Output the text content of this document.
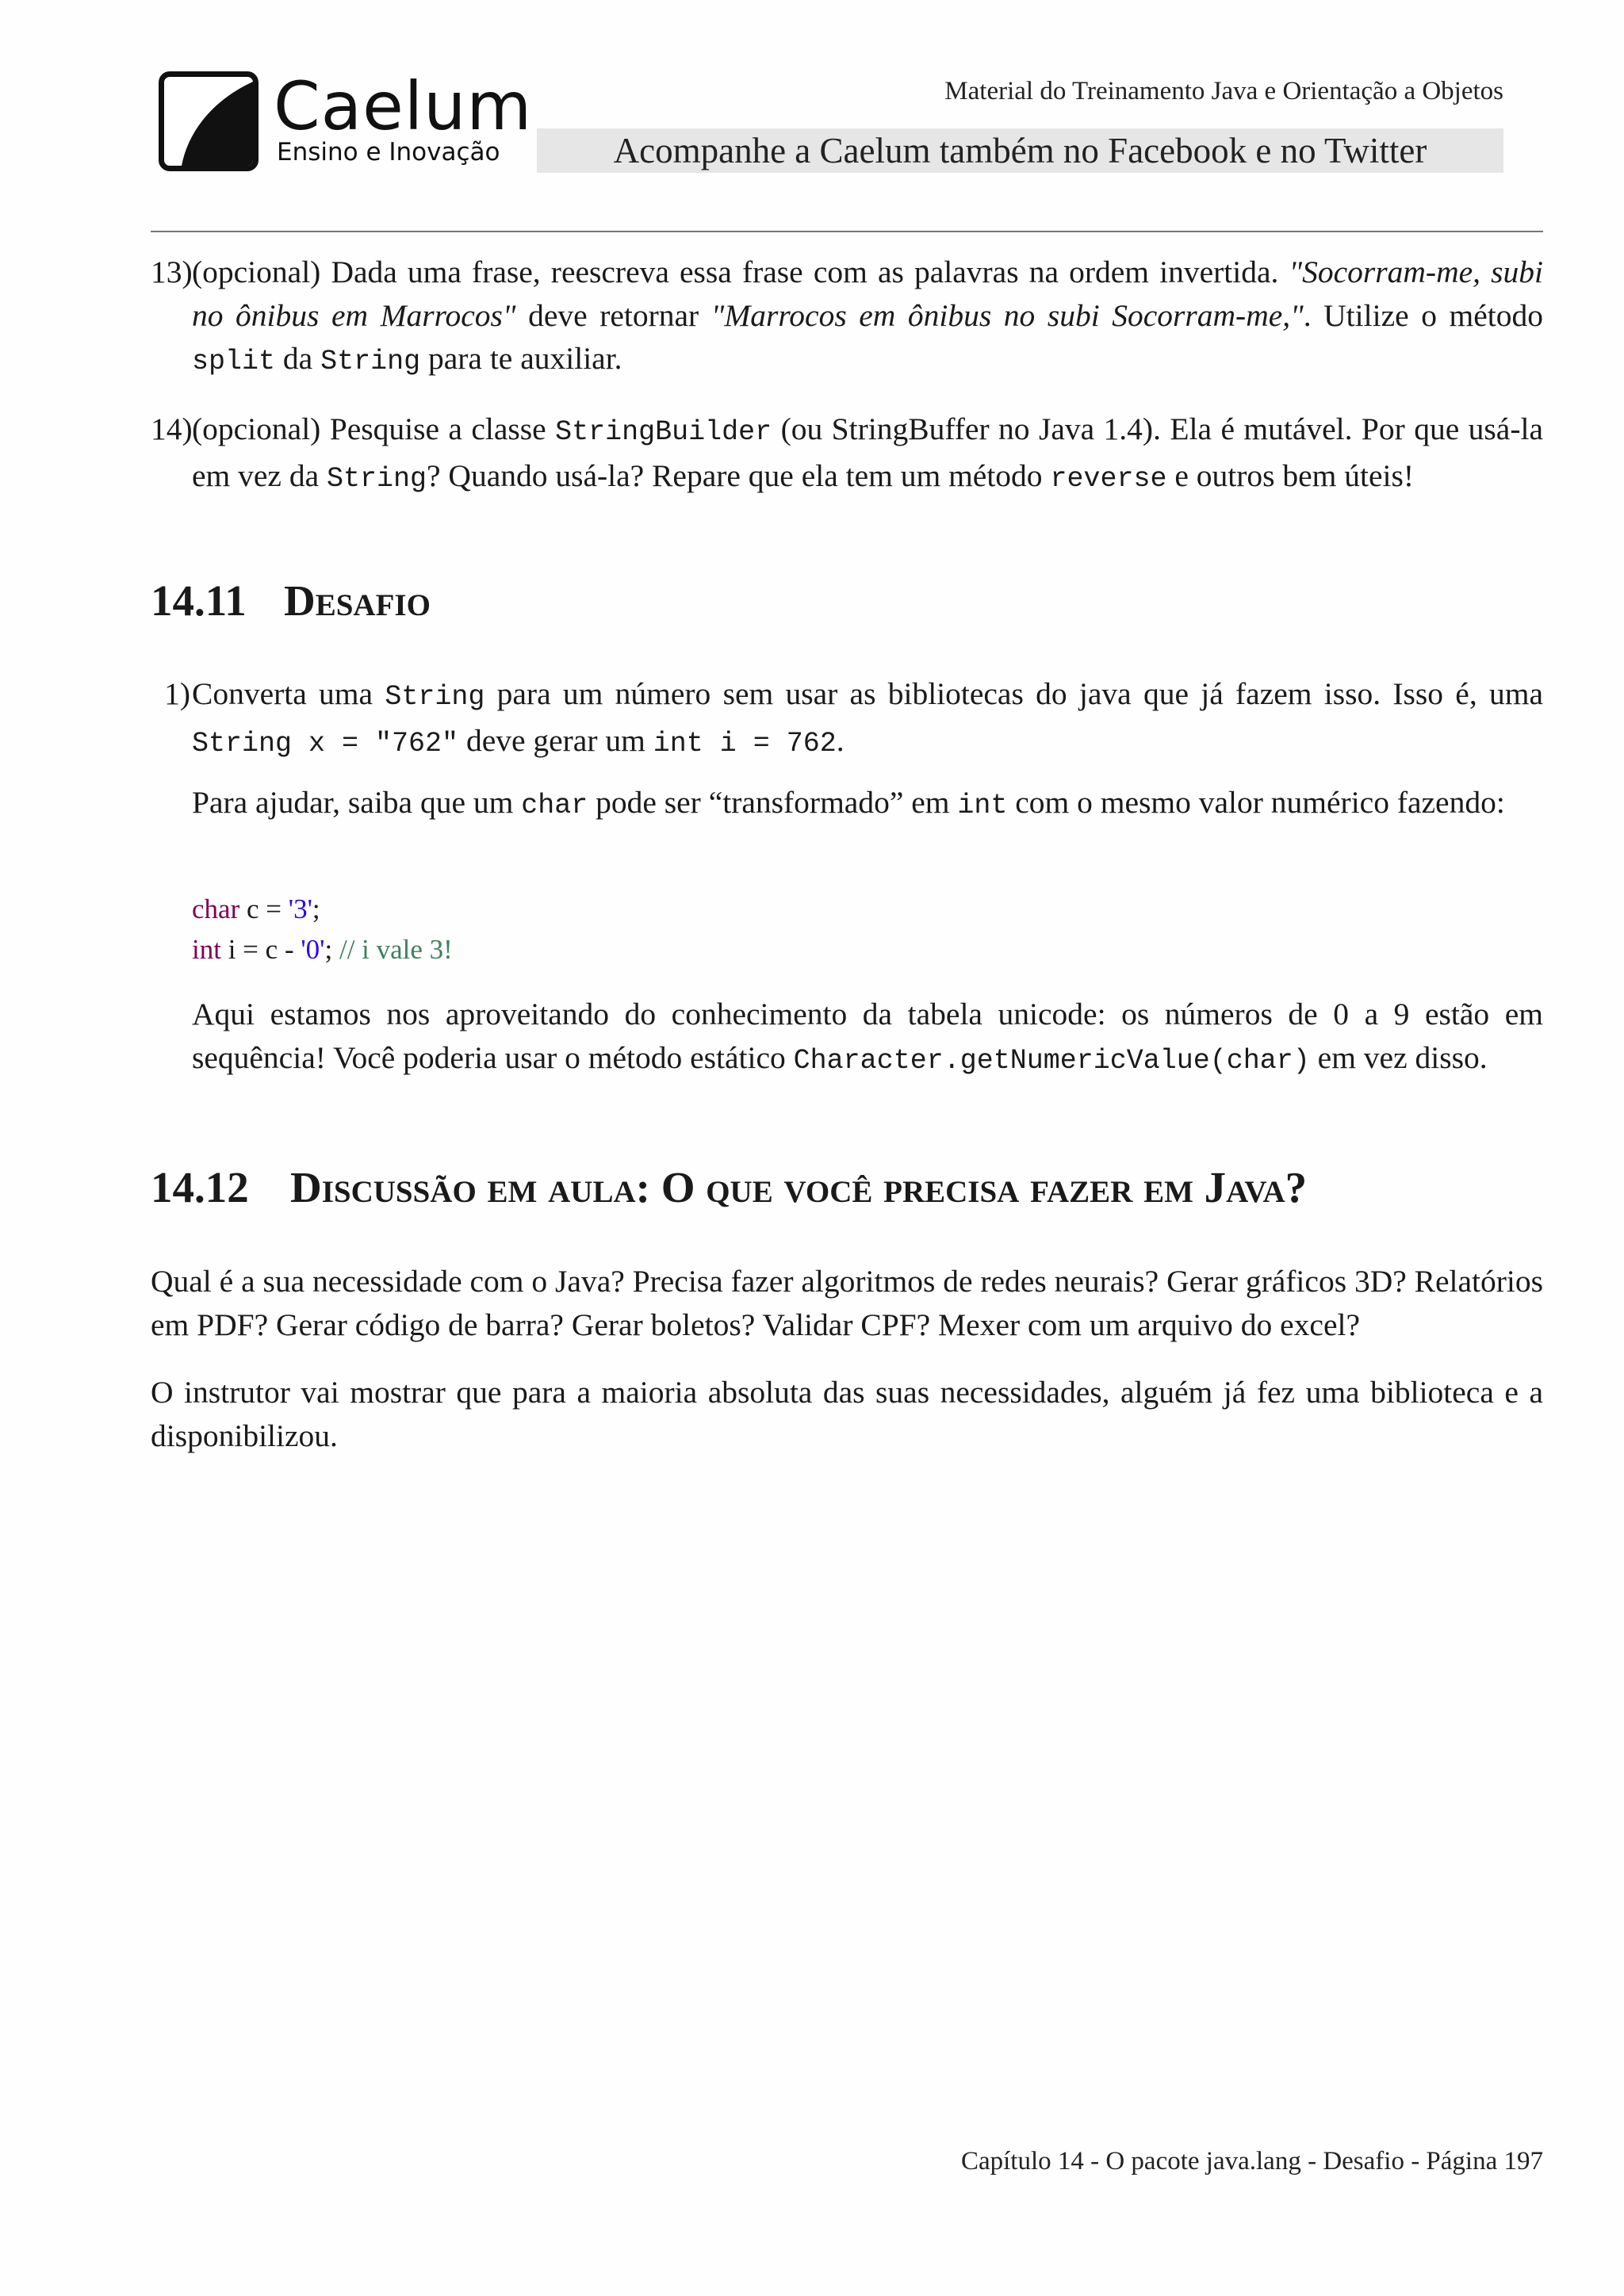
* Caelum
Ensino e Inovação
Material do Treinamento Java e Orientação a Objetos
Acompanhe a Caelum também no Facebook e no Twitter
13) (opcional) Dada uma frase, reescreva essa frase com as palavras na ordem invertida. "Socorram-me, subi no ônibus em Marrocos" deve retornar "Marrocos em ônibus no subi Socorram-me,". Utilize o método split da String para te auxiliar.

14) (opcional) Pesquise a classe StringBuilder (ou StringBuffer no Java 1.4). Ela é mutável. Por que usá-la em vez da String? Quando usá-la? Repare que ela tem um método reverse e outros bem úteis!

14.11 Desafio
1) Converta uma String para um número sem usar as bibliotecas do java que já fazem isso. Isso é, uma String x = "762" deve gerar um int i = 762.

Para ajudar, saiba que um char pode ser “transformado” em int com o mesmo valor numérico fazendo:

char c = '3';
int i = c - '0'; // i vale 3!

Aqui estamos nos aproveitando do conhecimento da tabela unicode: os números de 0 a 9 estão em sequência! Você poderia usar o método estático Character.getNumericValue(char) em vez disso.

14.12 Discussão em aula: O que você precisa fazer em Java?

Qual é a sua necessidade com o Java? Precisa fazer algoritmos de redes neurais? Gerar gráficos 3D? Relatórios em PDF? Gerar código de barra? Gerar boletos? Validar CPF? Mexer com um arquivo do excel?

O instrutor vai mostrar que para a maioria absoluta das suas necessidades, alguém já fez uma biblioteca e a disponibilizou.

Capítulo 14 - O pacote java.lang - Desafio - Página 197
